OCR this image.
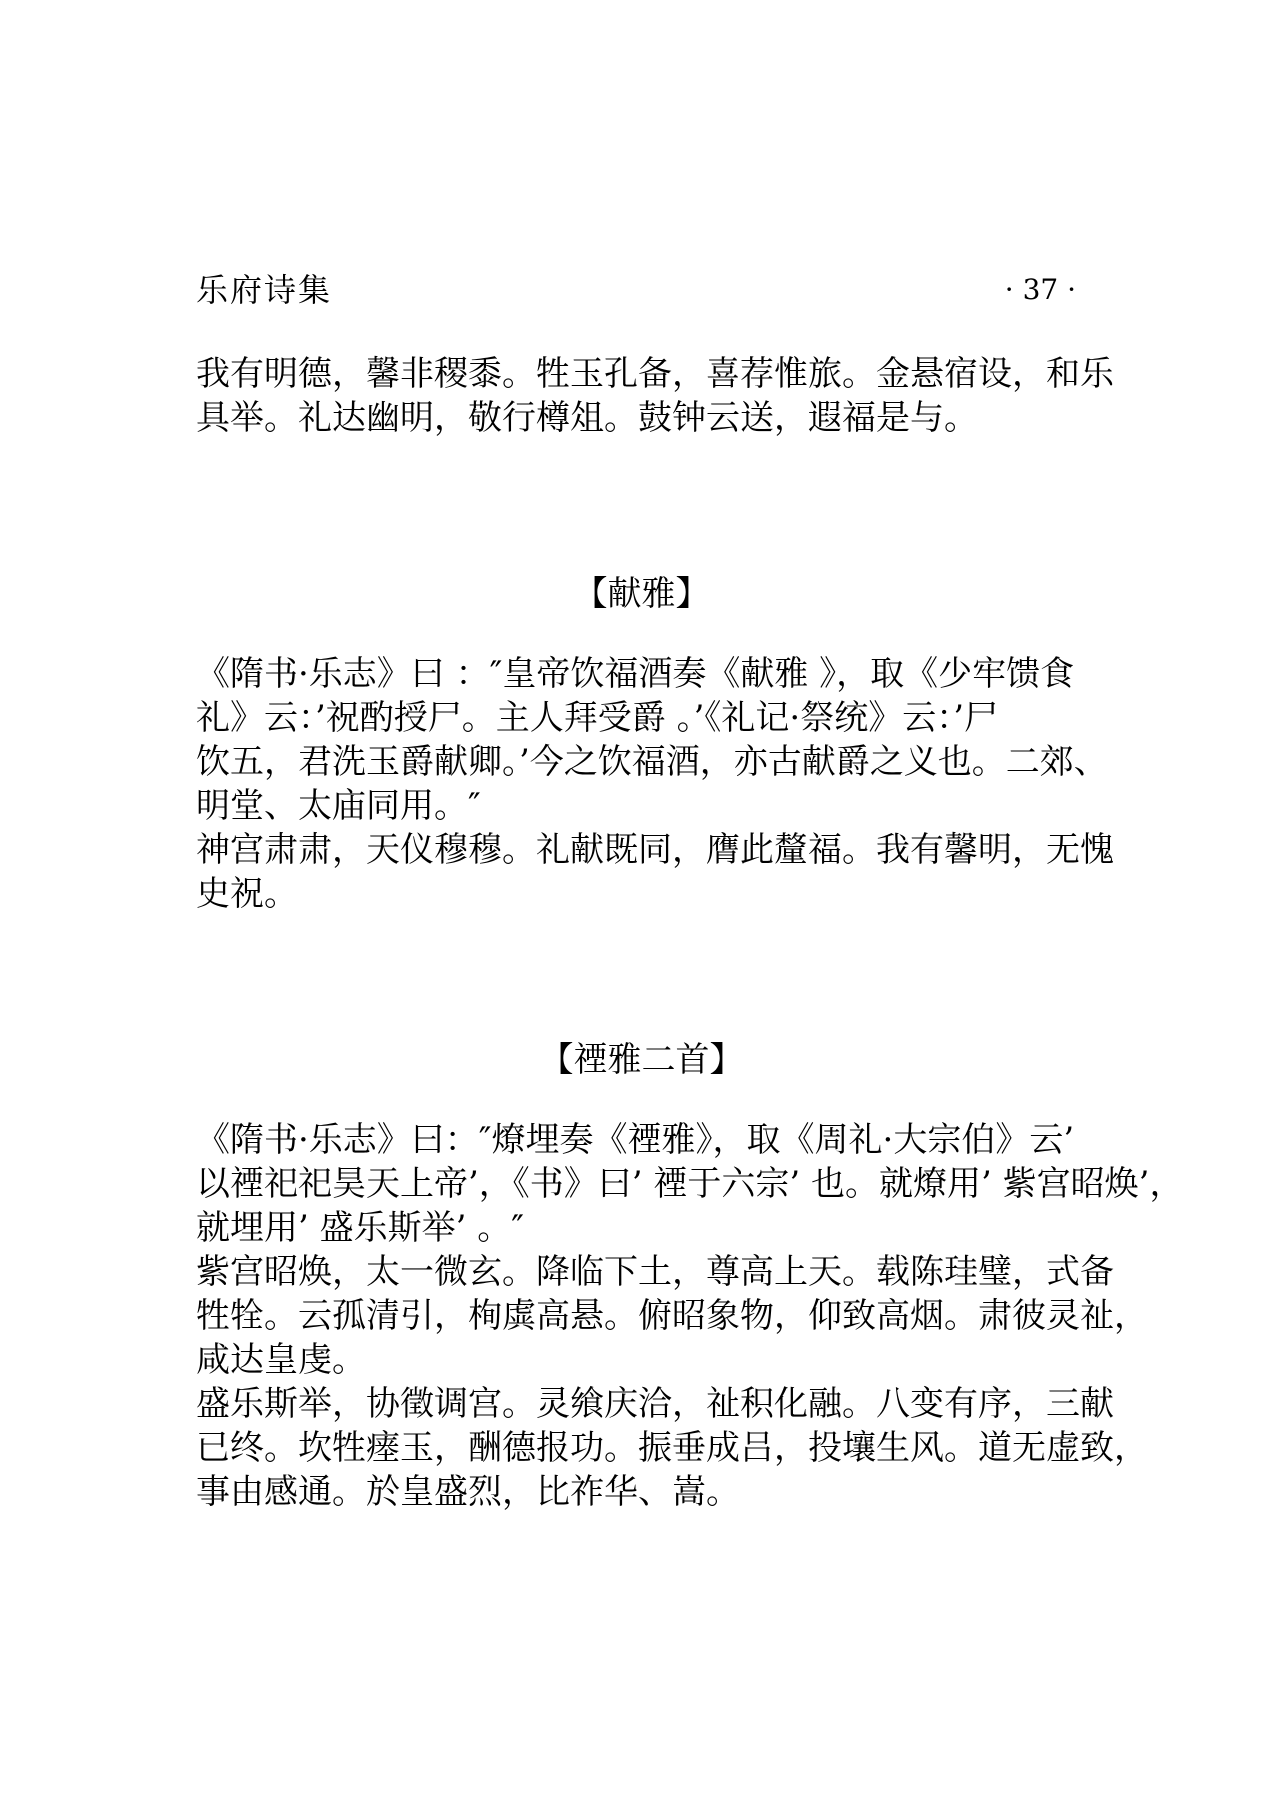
乐府诗集	· 37 ·
我有明德，馨非稷黍。牲玉孔备，喜荐惟旅。金悬宿设，和乐
具举。礼达幽明，敬行樽俎。鼓钟云送，遐福是与。
【献雅】
《隋书·乐志》曰 ：″皇帝饮福酒奏《献雅 》，取《少牢馈食
礼》云：’祝酌授尸。主人拜受爵 。’《礼记·祭统》云：’尸
饮五，君洗玉爵献卿。’今之饮福酒，亦古献爵之义也。二郊、
明堂、太庙同用。″
神宫肃肃，天仪穆穆。礼献既同，膺此釐福。我有馨明，无愧
史祝。
【禋雅二首】
《隋书·乐志》曰：″燎埋奏《禋雅》，取《周礼·大宗伯》云’
以禋祀祀昊天上帝’，《书》曰’ 禋于六宗’ 也。就燎用’ 紫宫昭焕’，
就埋用’ 盛乐斯举’ 。″
紫宫昭焕，太一微玄。降临下土，尊高上天。载陈珪璧，式备
牲牷。云孤清引，栒虡高悬。俯昭象物，仰致高烟。肃彼灵祉，
咸达皇虔。
盛乐斯举，协徵调宫。灵飨庆洽，祉积化融。八变有序，三献
已终。坎牲瘗玉，酬德报功。振垂成吕，投壤生风。道无虚致，
事由感通。於皇盛烈，比祚华、嵩。
